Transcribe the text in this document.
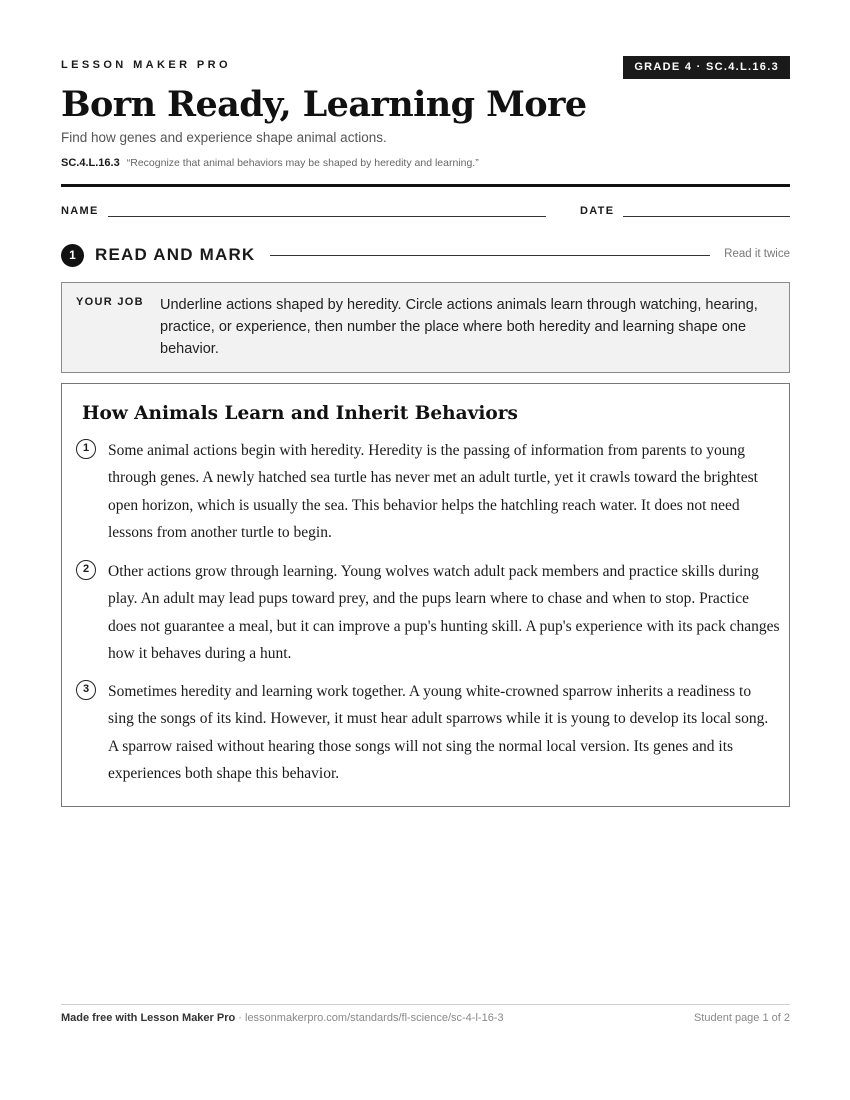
LESSON MAKER PRO	GRADE 4 · SC.4.L.16.3
Born Ready, Learning More
Find how genes and experience shape animal actions.
SC.4.L.16.3 “Recognize that animal behaviors may be shaped by heredity and learning.”
NAME	DATE
1	READ AND MARK	Read it twice
YOUR JOB Underline actions shaped by heredity. Circle actions animals learn through watching, hearing, practice, or experience, then number the place where both heredity and learning shape one behavior.
How Animals Learn and Inherit Behaviors
1	Some animal actions begin with heredity. Heredity is the passing of information from parents to young through genes. A newly hatched sea turtle has never met an adult turtle, yet it crawls toward the brightest open horizon, which is usually the sea. This behavior helps the hatchling reach water. It does not need lessons from another turtle to begin.
2	Other actions grow through learning. Young wolves watch adult pack members and practice skills during play. An adult may lead pups toward prey, and the pups learn where to chase and when to stop. Practice does not guarantee a meal, but it can improve a pup's hunting skill. A pup's experience with its pack changes how it behaves during a hunt.
3	Sometimes heredity and learning work together. A young white-crowned sparrow inherits a readiness to sing the songs of its kind. However, it must hear adult sparrows while it is young to develop its local song. A sparrow raised without hearing those songs will not sing the normal local version. Its genes and its experiences both shape this behavior.
Made free with Lesson Maker Pro · lessonmakerpro.com/standards/fl-science/sc-4-l-16-3	Student page 1 of 2
